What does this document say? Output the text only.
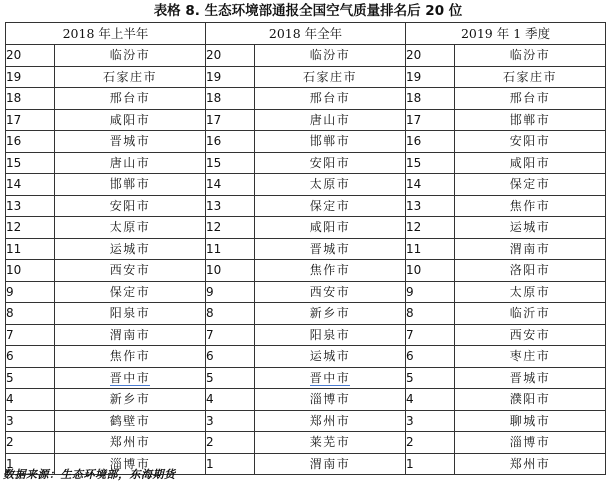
表格 8. 生态环境部通报全国空气质量排名后 20 位
2018 年上半年		2018 年全年		2019 年 1 季度	
20	临汾市	20	临汾市	20	临汾市
19	石家庄市	19	石家庄市	19	石家庄市
18	邢台市	18	邢台市	18	邢台市
17	咸阳市	17	唐山市	17	邯郸市
16	晋城市	16	邯郸市	16	安阳市
15	唐山市	15	安阳市	15	咸阳市
14	邯郸市	14	太原市	14	保定市
13	安阳市	13	保定市	13	焦作市
12	太原市	12	咸阳市	12	运城市
11	运城市	11	晋城市	11	渭南市
10	西安市	10	焦作市	10	洛阳市
9	保定市	9	西安市	9	太原市
8	阳泉市	8	新乡市	8	临沂市
7	渭南市	7	阳泉市	7	西安市
6	焦作市	6	运城市	6	枣庄市
5	晋中市	5	晋中市	5	晋城市
4	新乡市	4	淄博市	4	濮阳市
3	鹤壁市	3	郑州市	3	聊城市
2	郑州市	2	莱芜市	2	淄博市
1	淄博市	1	渭南市	1	郑州市
数据来源：生态环境部，东海期货
